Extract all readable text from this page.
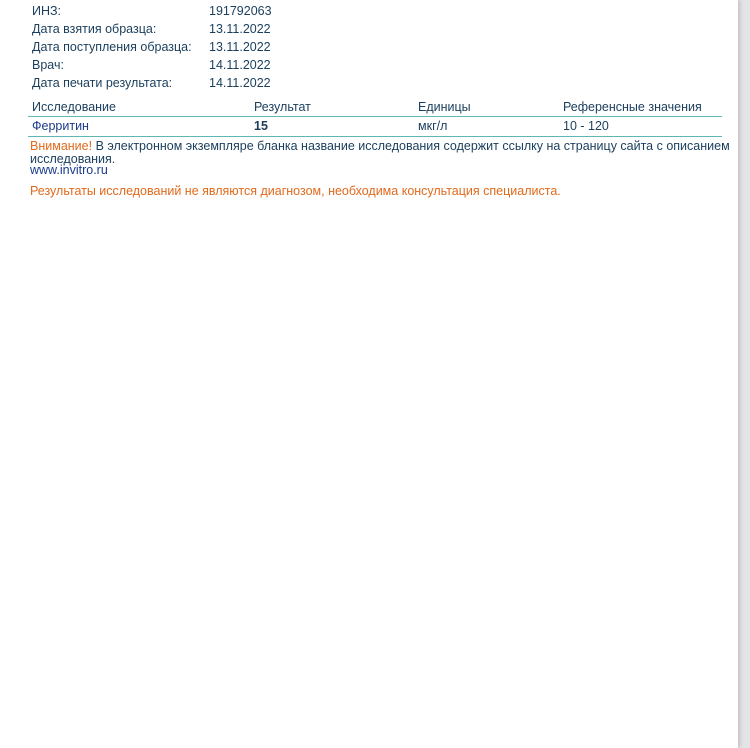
ИНЗ:	191792063
Дата взятия образца:	13.11.2022
Дата поступления образца: 13.11.2022
Врач:	14.11.2022
Дата печати результата:	14.11.2022
Исследование	Результат	Единицы	Референсные значения
Ферритин	15	мкг/л	10 - 120
Внимание! В электронном экземпляре бланка название исследования содержит ссылку на страницу сайта с описанием исследования.
www.invitro.ru
Результаты исследований не являются диагнозом, необходима консультация специалиста.
